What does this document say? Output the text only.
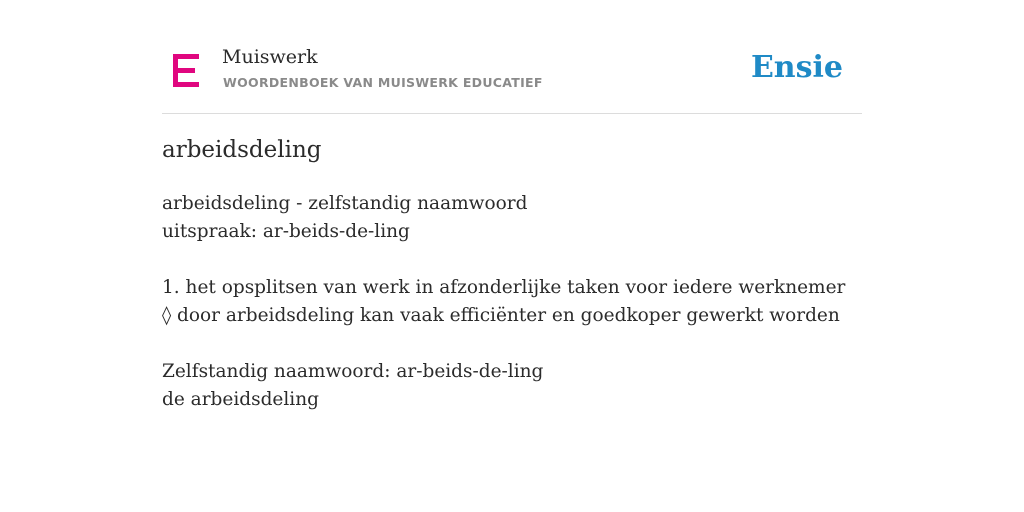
Muiswerk
WOORDENBOEK VAN MUISWERK EDUCATIEF	Ensie
arbeidsdeling
arbeidsdeling - zelfstandig naamwoord
uitspraak: ar-beids-de-ling
1. het opsplitsen van werk in afzonderlijke taken voor iedere werknemer
◊ door arbeidsdeling kan vaak efficiënter en goedkoper gewerkt worden
Zelfstandig naamwoord: ar-beids-de-ling
de arbeidsdeling
